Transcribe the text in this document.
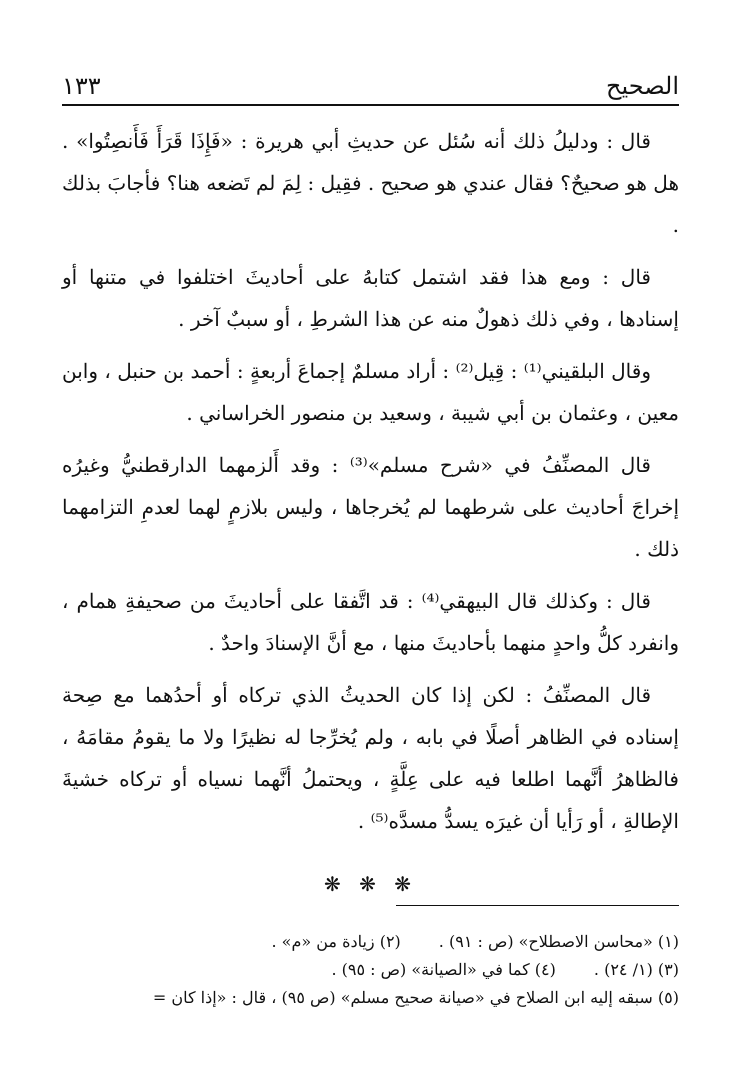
الصحيح
١٣٣

قال : ودليلُ ذلك أنه سُئل عن حديثِ أبي هريرة : «فَإِذَا قَرَأَ فَأَنصِتُوا» . هل هو صحيحٌ؟ فقال عندي هو صحيح . فقِيل : لِمَ لم تَضعه هنا؟ فأجابَ بذلك .

قال : ومع هذا فقد اشتمل كتابهُ على أحاديثَ اختلفوا في متنها أو إسنادها ، وفي ذلك ذهولٌ منه عن هذا الشرطِ ، أو سببٌ آخر .

وقال البلقيني⁽¹⁾ : قِيل⁽²⁾ : أراد مسلمٌ إجماعَ أربعةٍ : أحمد بن حنبل ، وابن معين ، وعثمان بن أبي شيبة ، وسعيد بن منصور الخراساني .

قال المصنِّفُ في «شرح مسلم»⁽³⁾ : وقد أَلزمهما الدارقطنيُّ وغيرُه إخراجَ أحاديث على شرطهما لم يُخرجاها ، وليس بلازمٍ لهما لعدمِ التزامهما ذلك .

قال : وكذلك قال البيهقي⁽⁴⁾ : قد اتَّفقا على أحاديثَ من صحيفةِ همام ، وانفرد كلُّ واحدٍ منهما بأحاديثَ منها ، مع أنَّ الإسنادَ واحدٌ .

قال المصنِّفُ : لكن إذا كان الحديثُ الذي تركاه أو أحدُهما مع صِحة إسناده في الظاهر أصلًا في بابه ، ولم يُخرِّجا له نظيرًا ولا ما يقومُ مقامَهُ ، فالظاهرُ أنَّهما اطلعا فيه على عِلَّةٍ ، ويحتملُ أنَّهما نسياه أو تركاه خشيةَ الإطالةِ ، أو رَأيا أن غيرَه يسدُّ مسدَّه⁽⁵⁾ .

❋ ❋ ❋
(١) «محاسن الاصطلاح» (ص : ٩١) .
(٢) زيادة من «م» .
(٣) (١/ ٢٤) .
(٤) كما في «الصيانة» (ص : ٩٥) .
(٥) سبقه إليه ابن الصلاح في «صيانة صحيح مسلم» (ص ٩٥) ، قال : «إذا كان =
